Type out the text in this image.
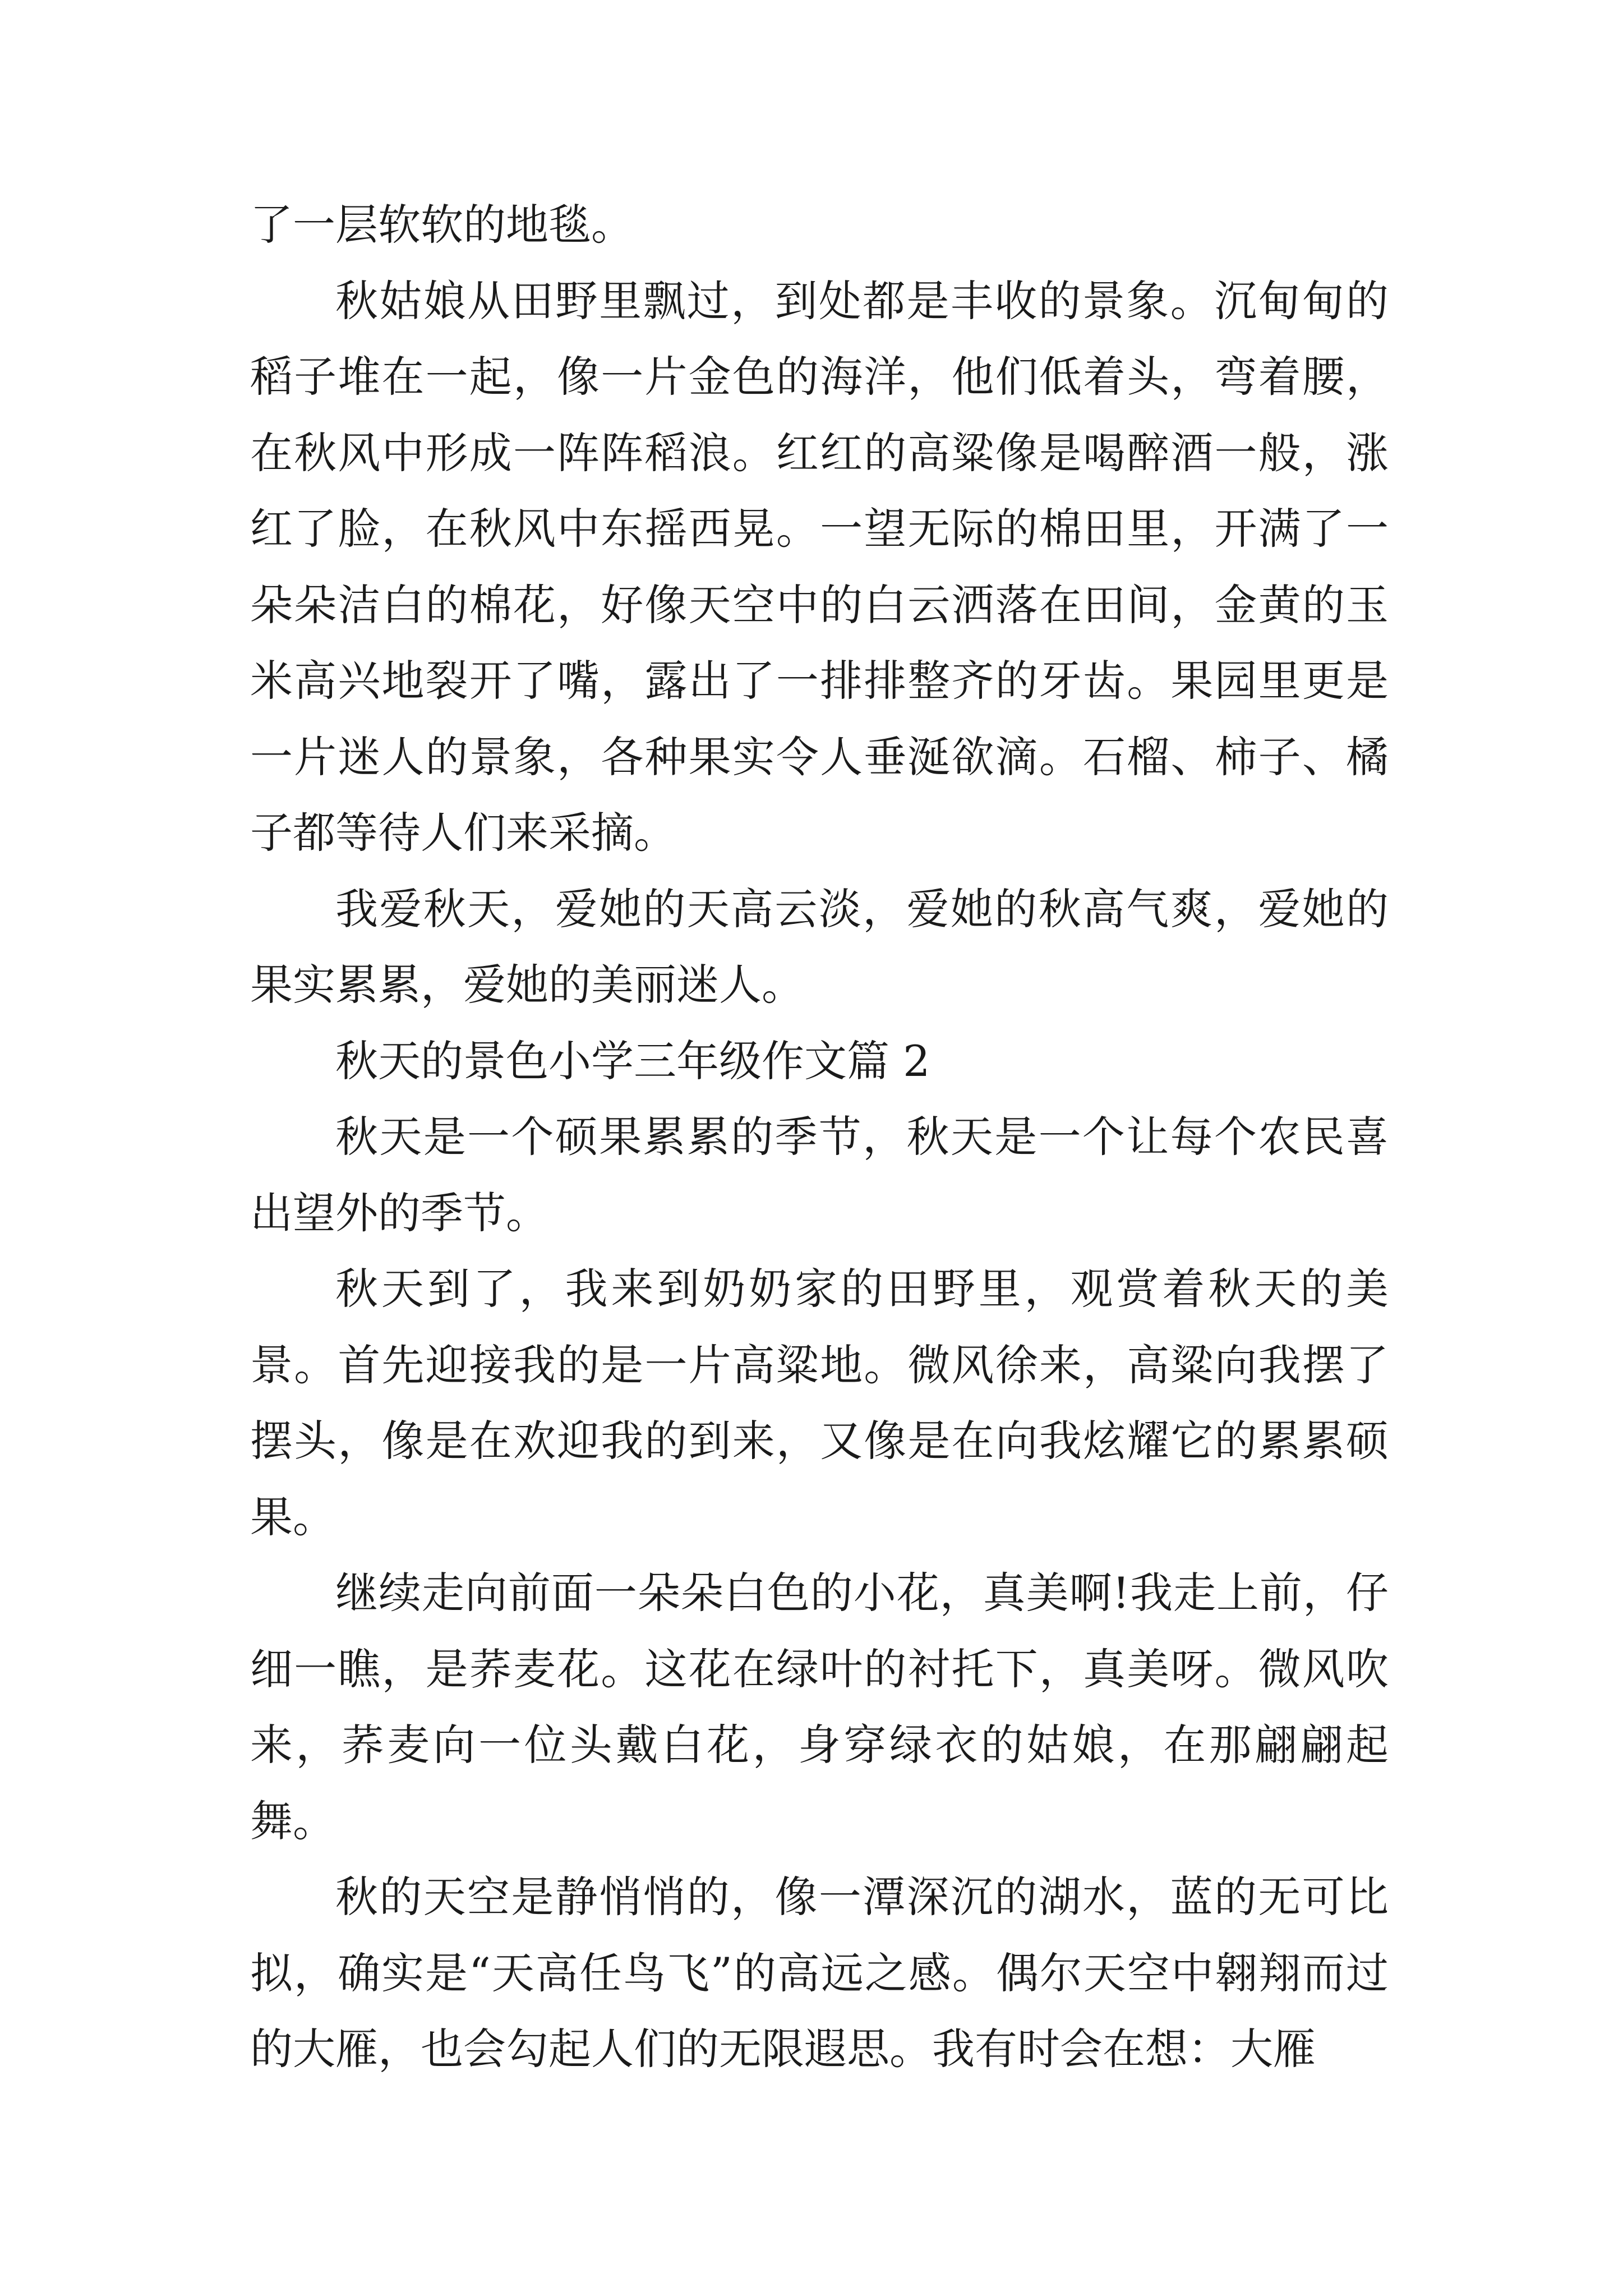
了一层软软的地毯。

秋姑娘从田野里飘过，到处都是丰收的景象。沉甸甸的稻子堆在一起，像一片金色的海洋，他们低着头，弯着腰，在秋风中形成一阵阵稻浪。红红的高粱像是喝醉酒一般，涨红了脸，在秋风中东摇西晃。一望无际的棉田里，开满了一朵朵洁白的棉花，好像天空中的白云洒落在田间，金黄的玉米高兴地裂开了嘴，露出了一排排整齐的牙齿。果园里更是一片迷人的景象，各种果实令人垂涎欲滴。石榴、柿子、橘子都等待人们来采摘。

我爱秋天，爱她的天高云淡，爱她的秋高气爽，爱她的果实累累，爱她的美丽迷人。

秋天的景色小学三年级作文篇 2

秋天是一个硕果累累的季节，秋天是一个让每个农民喜出望外的季节。

秋天到了，我来到奶奶家的田野里，观赏着秋天的美景。首先迎接我的是一片高粱地。微风徐来，高粱向我摆了摆头，像是在欢迎我的到来，又像是在向我炫耀它的累累硕果。

继续走向前面一朵朵白色的小花，真美啊!我走上前，仔细一瞧，是荞麦花。这花在绿叶的衬托下，真美呀。微风吹来，荞麦向一位头戴白花，身穿绿衣的姑娘，在那翩翩起舞。

秋的天空是静悄悄的，像一潭深沉的湖水，蓝的无可比拟，确实是“天高任鸟飞”的高远之感。偶尔天空中翱翔而过的大雁，也会勾起人们的无限遐思。我有时会在想：大雁
